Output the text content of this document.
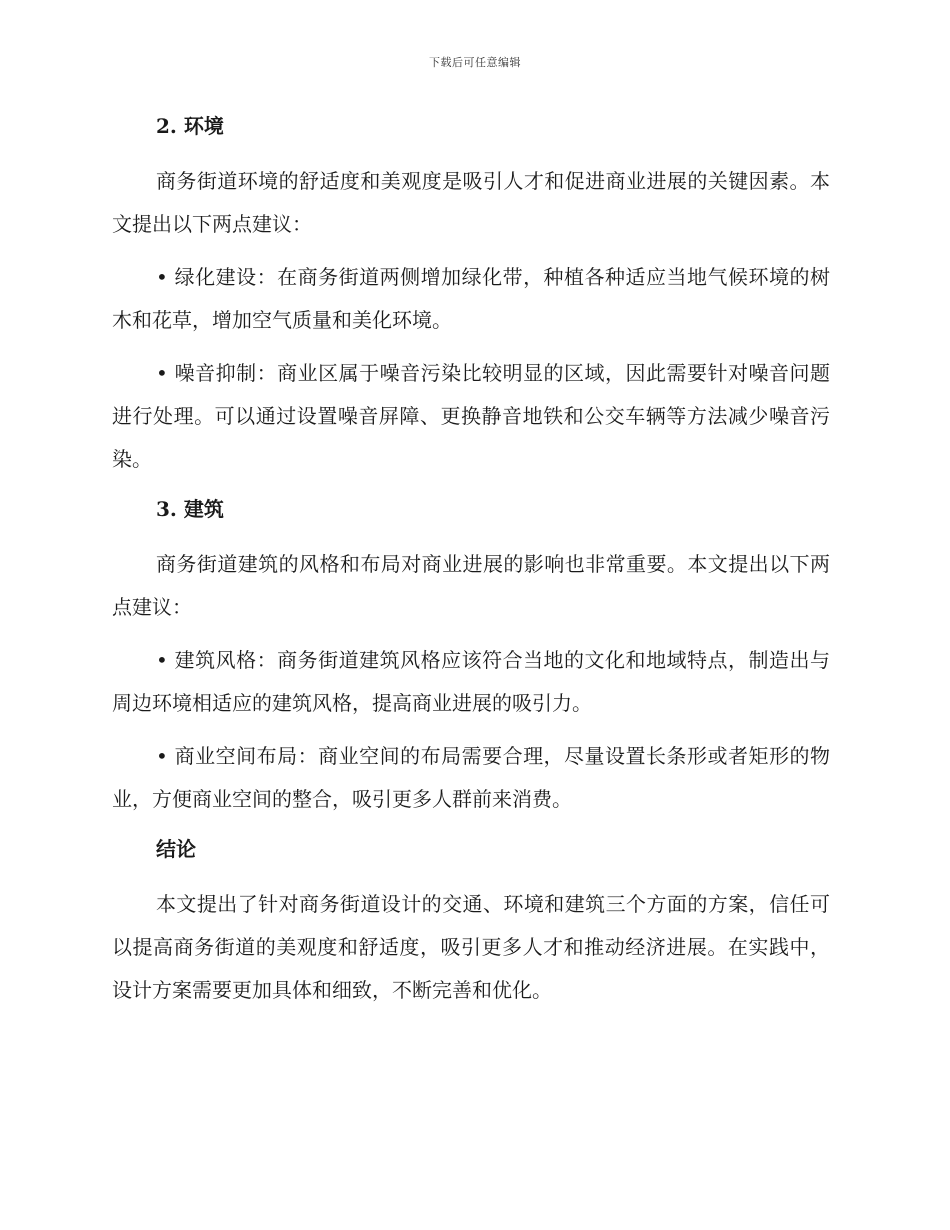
下载后可任意编辑
2. 环境

商务街道环境的舒适度和美观度是吸引人才和促进商业进展的关键因素。本文提出以下两点建议：

• 绿化建设：在商务街道两侧增加绿化带，种植各种适应当地气候环境的树木和花草，增加空气质量和美化环境。

• 噪音抑制：商业区属于噪音污染比较明显的区域，因此需要针对噪音问题进行处理。可以通过设置噪音屏障、更换静音地铁和公交车辆等方法减少噪音污染。

3. 建筑

商务街道建筑的风格和布局对商业进展的影响也非常重要。本文提出以下两点建议：

• 建筑风格：商务街道建筑风格应该符合当地的文化和地域特点，制造出与周边环境相适应的建筑风格，提高商业进展的吸引力。

• 商业空间布局：商业空间的布局需要合理，尽量设置长条形或者矩形的物业，方便商业空间的整合，吸引更多人群前来消费。

结论

本文提出了针对商务街道设计的交通、环境和建筑三个方面的方案，信任可以提高商务街道的美观度和舒适度，吸引更多人才和推动经济进展。在实践中，设计方案需要更加具体和细致，不断完善和优化。
